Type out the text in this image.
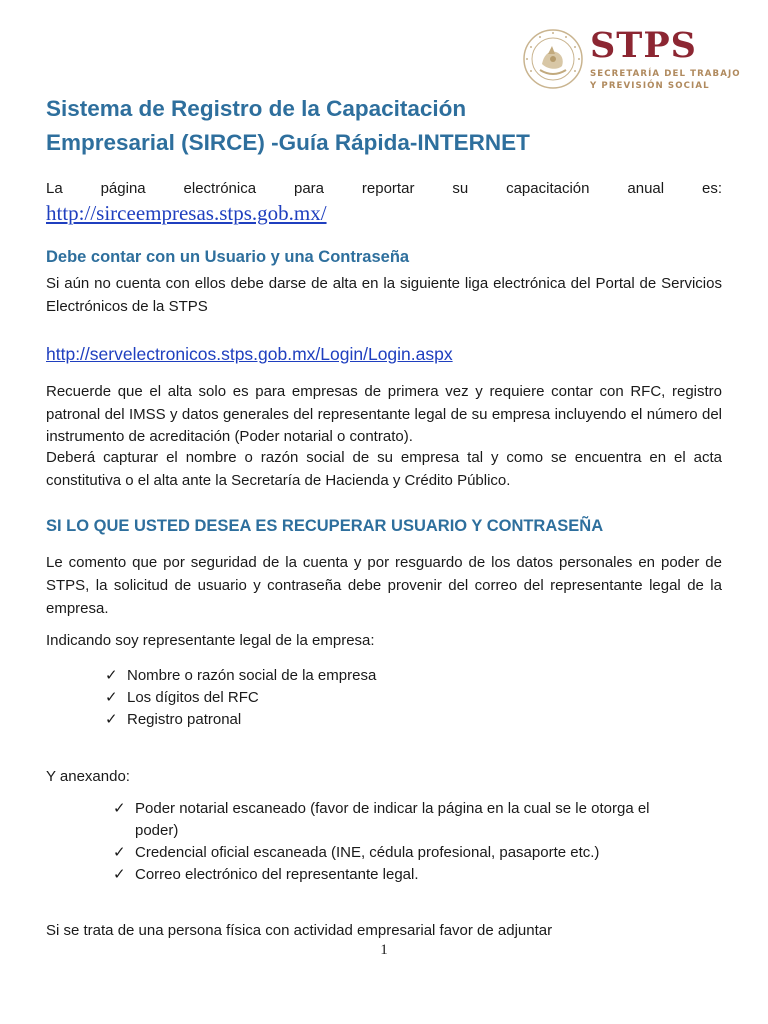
STPS
SECRETARÍA DEL TRABAJO
Y PREVISIÓN SOCIAL
Sistema de Registro de la Capacitación
Empresarial (SIRCE) -Guía Rápida-INTERNET
La página electrónica para reportar su capacitación anual es:
http://sirceempresas.stps.gob.mx/
Debe contar con un Usuario y una Contraseña
Si aún no cuenta con ellos debe darse de alta en la siguiente liga electrónica del Portal de Servicios Electrónicos de la STPS
http://servelectronicos.stps.gob.mx/Login/Login.aspx
Recuerde que el alta solo es para empresas de primera vez y requiere contar con RFC, registro patronal del IMSS y datos generales del representante legal de su empresa incluyendo el número del instrumento de acreditación (Poder notarial o contrato).
Deberá capturar el nombre o razón social de su empresa tal y como se encuentra en el acta constitutiva o el alta ante la Secretaría de Hacienda y Crédito Público.
SI LO QUE USTED DESEA ES RECUPERAR USUARIO Y CONTRASEÑA
Le comento que por seguridad de la cuenta y por resguardo de los datos personales en poder de STPS, la solicitud de usuario y contraseña debe provenir del correo del representante legal de la empresa.
Indicando soy representante legal de la empresa:
✓ Nombre o razón social de la empresa
✓ Los dígitos del RFC
✓ Registro patronal
Y anexando:
✓ Poder notarial escaneado (favor de indicar la página en la cual se le otorga el poder)
✓ Credencial oficial escaneada (INE, cédula profesional, pasaporte etc.)
✓ Correo electrónico del representante legal.
Si se trata de una persona física con actividad empresarial favor de adjuntar
1
